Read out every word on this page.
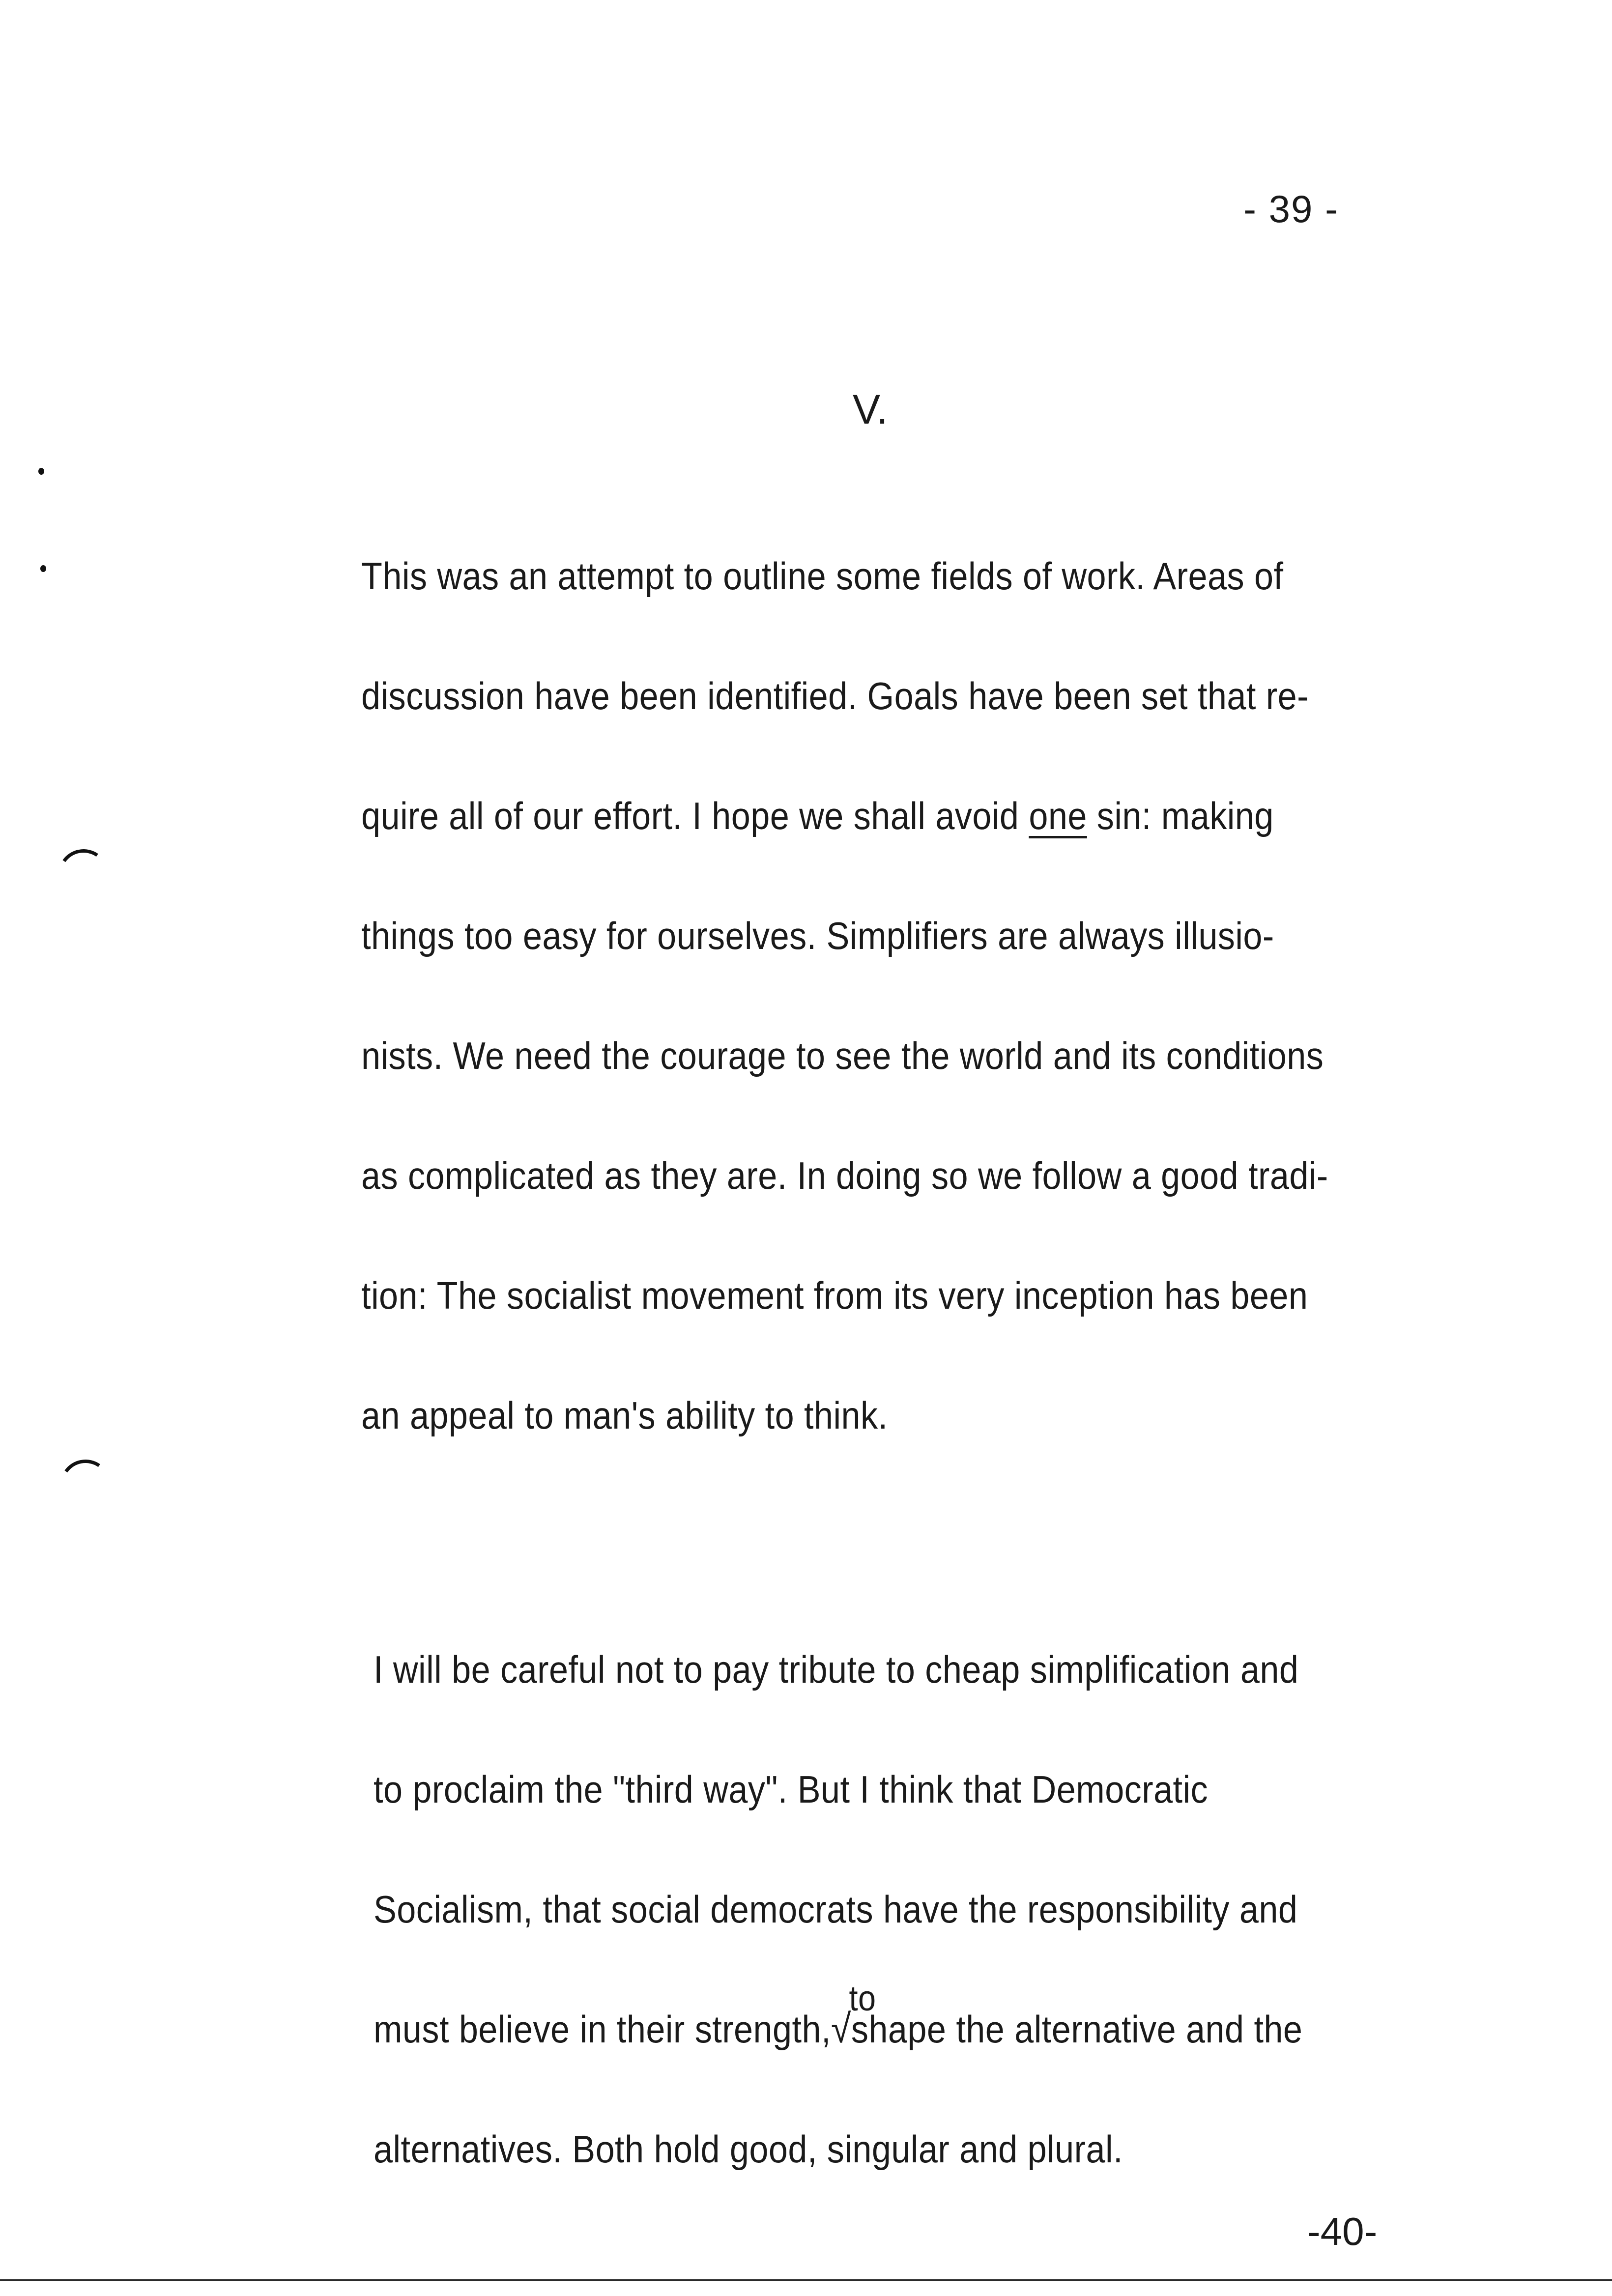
- 39 -
V.
This was an attempt to outline some fields of work. Areas of
discussion have been identified. Goals have been set that re-
quire all of our effort. I hope we shall avoid one sin: making
things too easy for ourselves. Simplifiers are always illusio-
nists. We need the courage to see the world and its conditions
as complicated as they are. In doing so we follow a good tradi-
tion: The socialist movement from its very inception has been
an appeal to man's ability to think.
I will be careful not to pay tribute to cheap simplification and
to proclaim the "third way". But I think that Democratic
Socialism, that social democrats have the responsibility and
to
must believe in their strength,√shape the alternative and the
alternatives. Both hold good, singular and plural.
-40-
